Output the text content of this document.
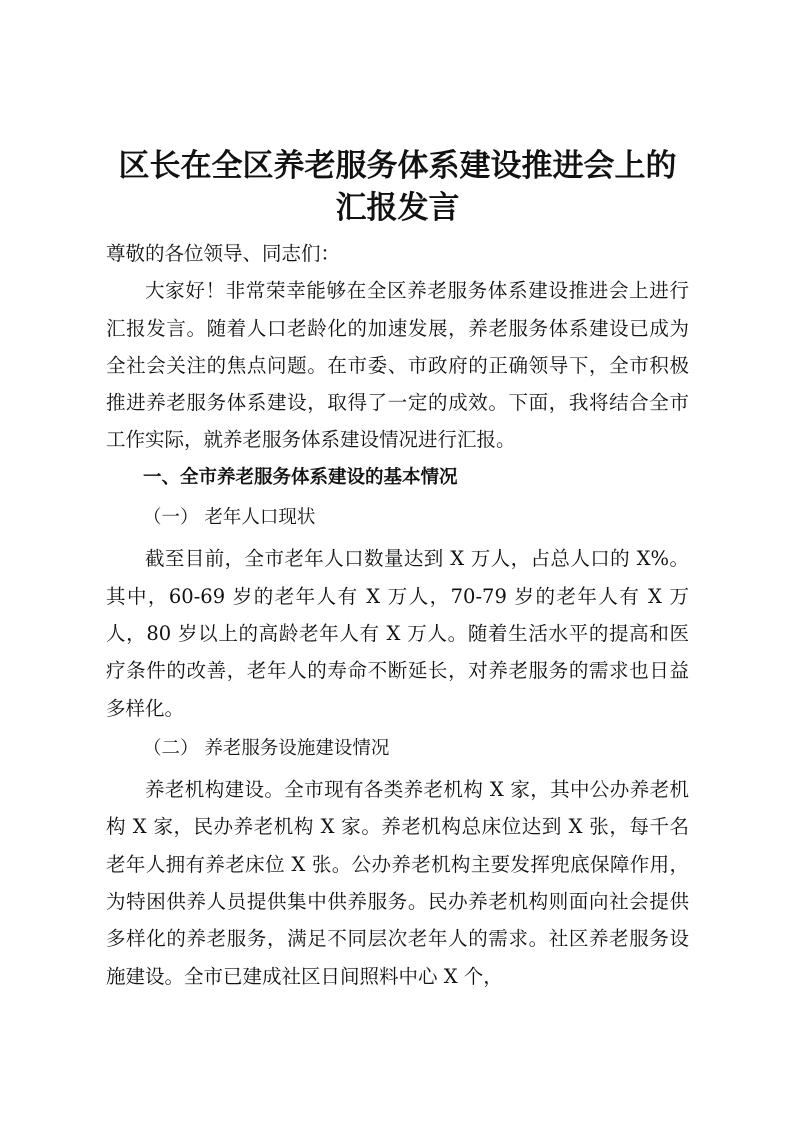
区长在全区养老服务体系建设推进会上的汇报发言

尊敬的各位领导、同志们：

大家好！非常荣幸能够在全区养老服务体系建设推进会上进行汇报发言。随着人口老龄化的加速发展，养老服务体系建设已成为全社会关注的焦点问题。在市委、市政府的正确领导下，全市积极推进养老服务体系建设，取得了一定的成效。下面，我将结合全市工作实际，就养老服务体系建设情况进行汇报。

一、全市养老服务体系建设的基本情况

（一） 老年人口现状

截至目前，全市老年人口数量达到 X 万人，占总人口的 X%。其中，60-69 岁的老年人有 X 万人，70-79 岁的老年人有 X 万人，80 岁以上的高龄老年人有 X 万人。随着生活水平的提高和医疗条件的改善，老年人的寿命不断延长，对养老服务的需求也日益多样化。

（二） 养老服务设施建设情况

养老机构建设。全市现有各类养老机构 X 家，其中公办养老机构 X 家，民办养老机构 X 家。养老机构总床位达到 X 张，每千名老年人拥有养老床位 X 张。公办养老机构主要发挥兜底保障作用，为特困供养人员提供集中供养服务。民办养老机构则面向社会提供多样化的养老服务，满足不同层次老年人的需求。社区养老服务设施建设。全市已建成社区日间照料中心 X 个，
